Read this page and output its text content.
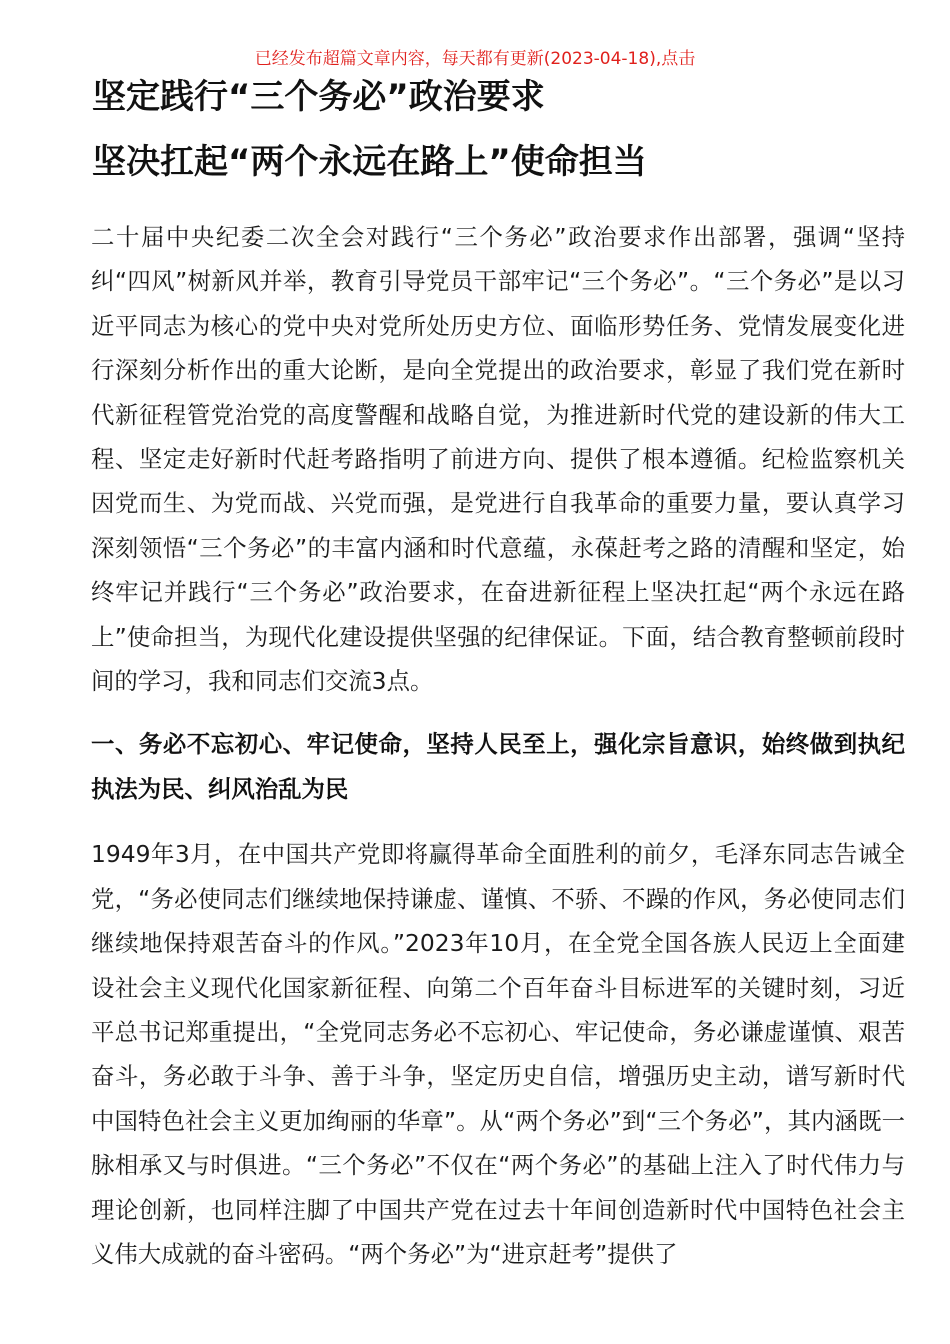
已经发布超篇文章内容，每天都有更新(2023-04-18),点击
坚定践行“三个务必”政治要求
坚决扛起“两个永远在路上”使命担当

二十届中央纪委二次全会对践行“三个务必”政治要求作出部署，强调“坚持纠“四风”树新风并举，教育引导党员干部牢记“三个务必”。“三个务必”是以习近平同志为核心的党中央对党所处历史方位、面临形势任务、党情发展变化进行深刻分析作出的重大论断，是向全党提出的政治要求，彰显了我们党在新时代新征程管党治党的高度警醒和战略自觉，为推进新时代党的建设新的伟大工程、坚定走好新时代赶考路指明了前进方向、提供了根本遵循。纪检监察机关因党而生、为党而战、兴党而强，是党进行自我革命的重要力量，要认真学习深刻领悟“三个务必”的丰富内涵和时代意蕴，永葆赶考之路的清醒和坚定，始终牢记并践行“三个务必”政治要求，在奋进新征程上坚决扛起“两个永远在路上”使命担当，为现代化建设提供坚强的纪律保证。下面，结合教育整顿前段时间的学习，我和同志们交流3点。

一、务必不忘初心、牢记使命，坚持人民至上，强化宗旨意识，始终做到执纪执法为民、纠风治乱为民

1949年3月，在中国共产党即将赢得革命全面胜利的前夕，毛泽东同志告诫全党，“务必使同志们继续地保持谦虚、谨慎、不骄、不躁的作风，务必使同志们继续地保持艰苦奋斗的作风。”2023年10月，在全党全国各族人民迈上全面建设社会主义现代化国家新征程、向第二个百年奋斗目标进军的关键时刻，习近平总书记郑重提出，“全党同志务必不忘初心、牢记使命，务必谦虚谨慎、艰苦奋斗，务必敢于斗争、善于斗争，坚定历史自信，增强历史主动，谱写新时代中国特色社会主义更加绚丽的华章”。从“两个务必”到“三个务必”，其内涵既一脉相承又与时俱进。“三个务必”不仅在“两个务必”的基础上注入了时代伟力与理论创新，也同样注脚了中国共产党在过去十年间创造新时代中国特色社会主义伟大成就的奋斗密码。“两个务必”为“进京赶考”提供了
